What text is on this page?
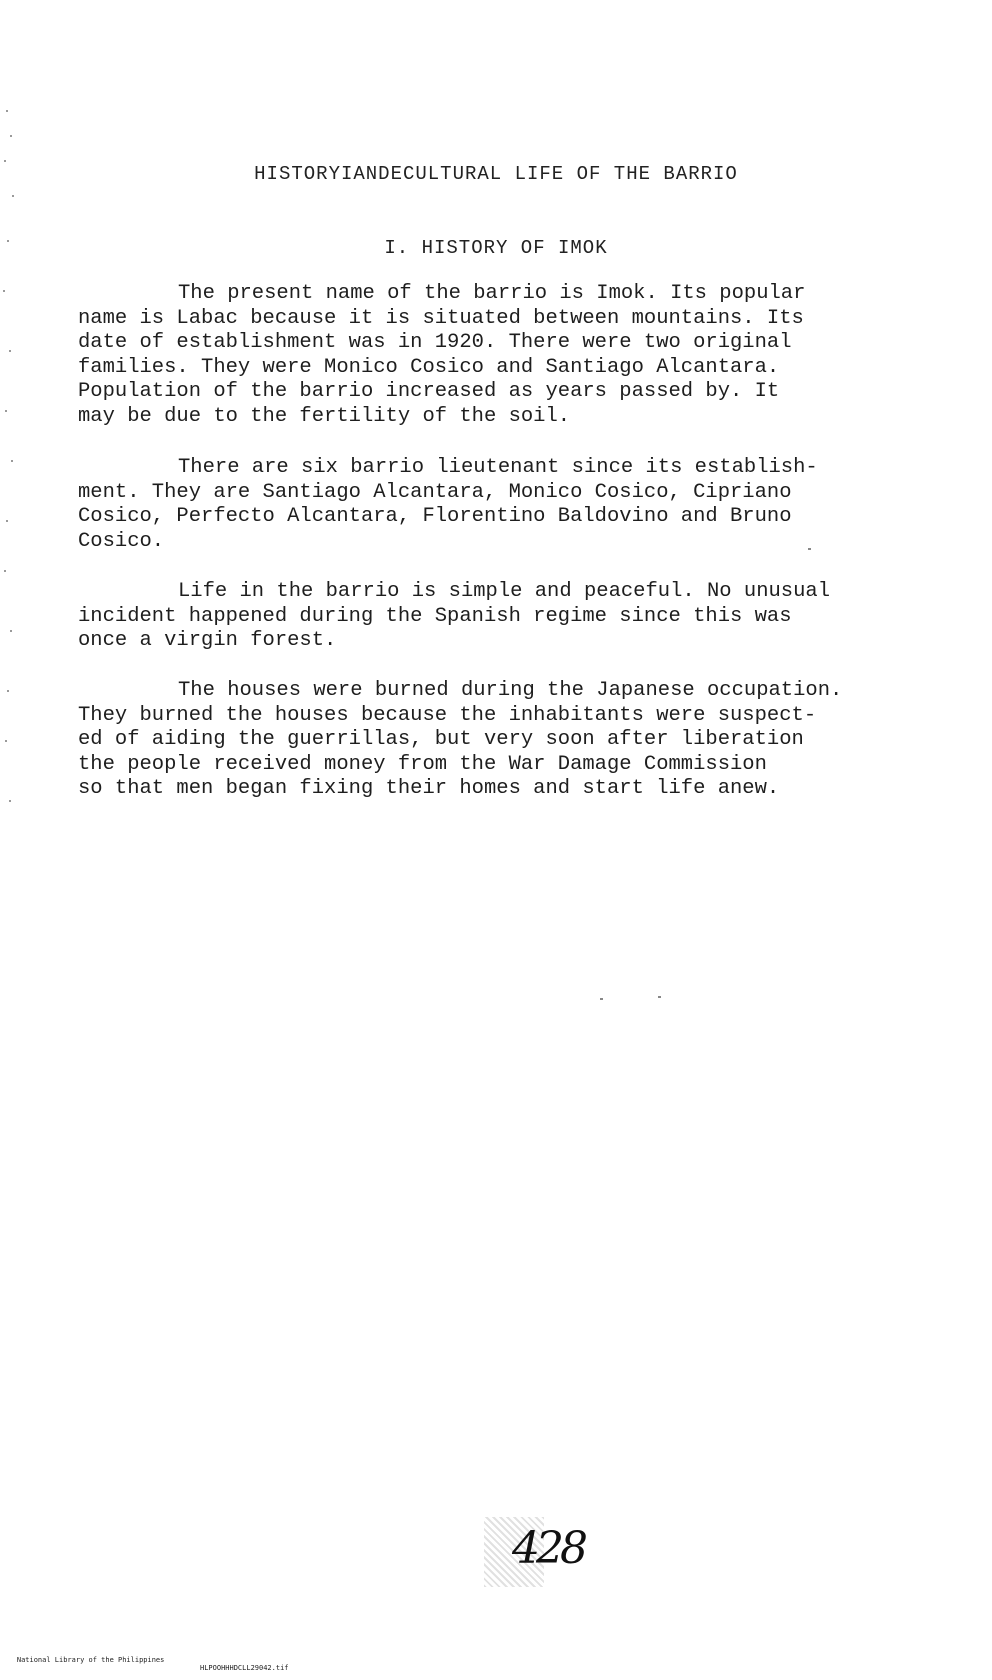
HISTORYIANDECULTURAL LIFE OF THE BARRIO
I. HISTORY OF IMOK
The present name of the barrio is Imok. Its popular
name is Labac because it is situated between mountains. Its
date of establishment was in 1920. There were two original
families. They were Monico Cosico and Santiago Alcantara.
Population of the barrio increased as years passed by. It
may be due to the fertility of the soil.
There are six barrio lieutenant since its establish-
ment. They are Santiago Alcantara, Monico Cosico, Cipriano
Cosico, Perfecto Alcantara, Florentino Baldovino and Bruno
Cosico.
Life in the barrio is simple and peaceful. No unusual
incident happened during the Spanish regime since this was
once a virgin forest.
The houses were burned during the Japanese occupation.
They burned the houses because the inhabitants were suspect-
ed of aiding the guerrillas, but very soon after liberation
the people received money from the War Damage Commission
so that men began fixing their homes and start life anew.
428

National Library of the Philippines

HLPOOHHHDCLL29042.tif
